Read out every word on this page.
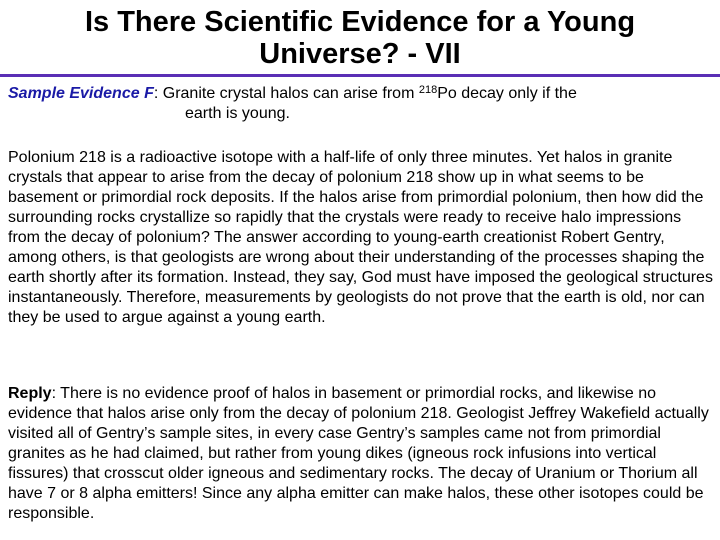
Is There Scientific Evidence for a Young
Universe? - VII
Sample Evidence F: Granite crystal halos can arise from $^{218}$Po decay only if the
earth is young.

Polonium 218 is a radioactive isotope with a half-life of only three minutes. Yet halos in granite crystals that appear to arise from the decay of polonium 218 show up in what seems to be basement or primordial rock deposits. If the halos arise from primordial polonium, then how did the surrounding rocks crystallize so rapidly that the crystals were ready to receive halo impressions from the decay of polonium? The answer according to young-earth creationist Robert Gentry, among others, is that geologists are wrong about their understanding of the processes shaping the earth shortly after its formation. Instead, they say, God must have imposed the geological structures instantaneously. Therefore, measurements by geologists do not prove that the earth is old, nor can they be used to argue against a young earth.

Reply: There is no evidence proof of halos in basement or primordial rocks, and likewise no evidence that halos arise only from the decay of polonium 218. Geologist Jeffrey Wakefield actually visited all of Gentry’s sample sites, in every case Gentry’s samples came not from primordial granites as he had claimed, but rather from young dikes (igneous rock infusions into vertical fissures) that crosscut older igneous and sedimentary rocks. The decay of Uranium or Thorium all have 7 or 8 alpha emitters! Since any alpha emitter can make halos, these other isotopes could be responsible.
